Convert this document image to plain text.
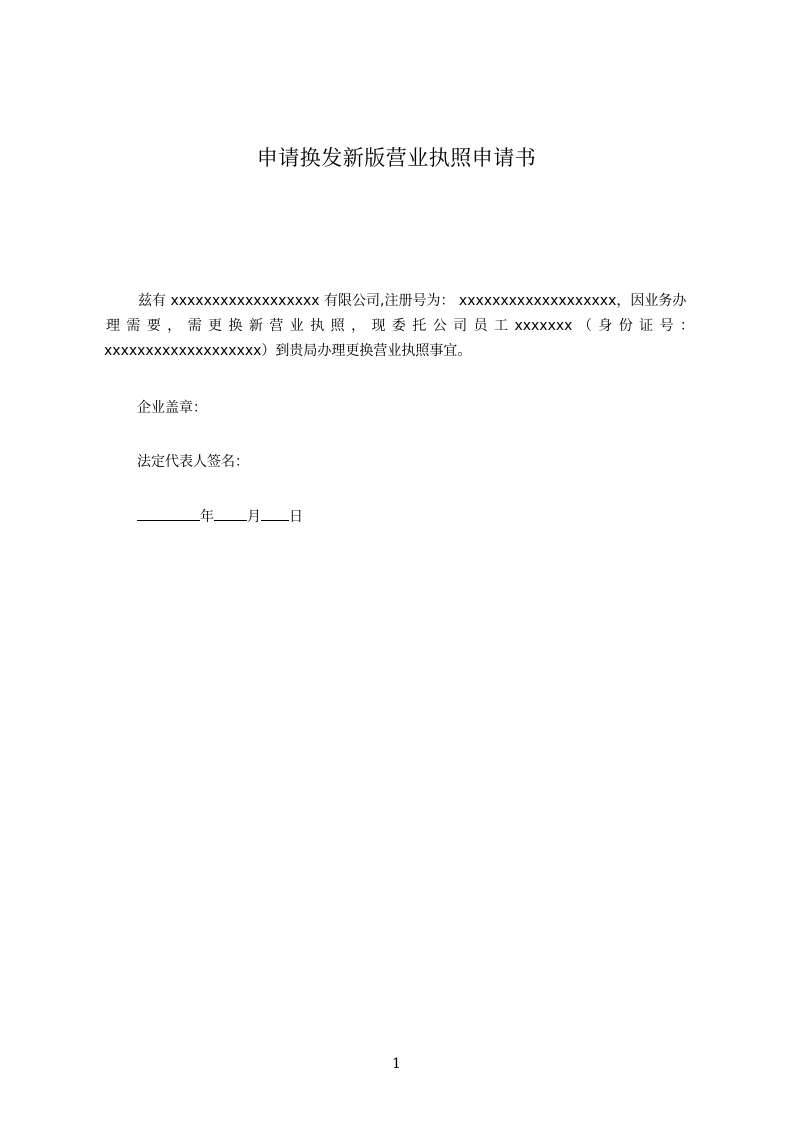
申请换发新版营业执照申请书
兹有 xxxxxxxxxxxxxxxxxx 有限公司,注册号为： xxxxxxxxxxxxxxxxxxx，因业务办
理 需 要 ， 需 更 换 新 营 业 执 照 ， 现 委 托 公 司 员 工 xxxxxxx （ 身 份 证 号 ：
xxxxxxxxxxxxxxxxxxx）到贵局办理更换营业执照事宜。
企业盖章：
法定代表人签名：
年 月 日
1
